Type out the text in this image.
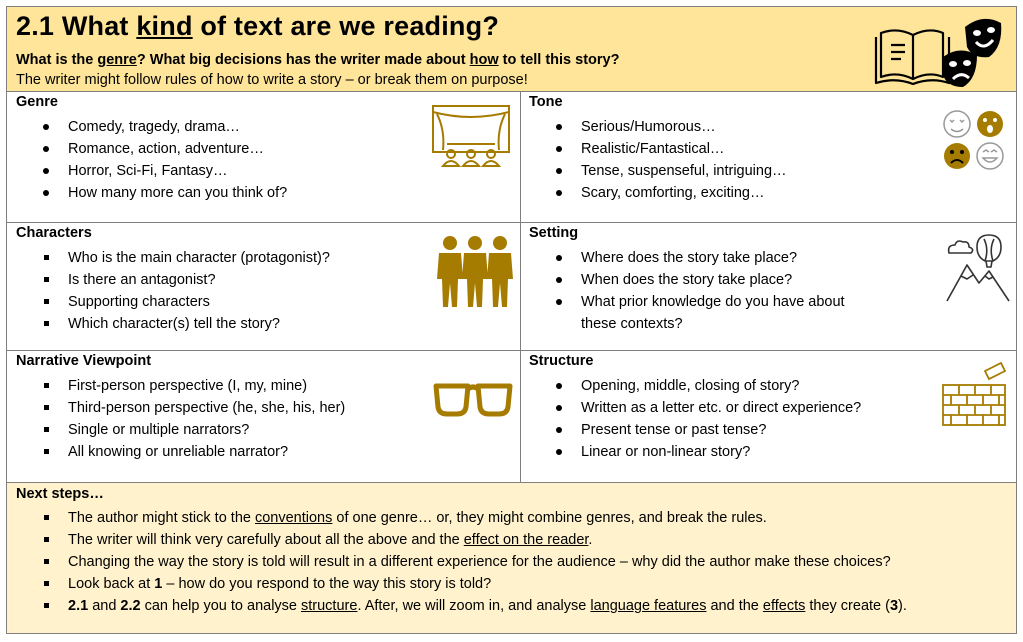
2.1 What kind of text are we reading?
What is the genre? What big decisions has the writer made about how to tell this story?
The writer might follow rules of how to write a story – or break them on purpose!
Genre
Comedy, tragedy, drama…
Romance, action, adventure…
Horror, Sci-Fi, Fantasy…
How many more can you think of?
Tone
Serious/Humorous…
Realistic/Fantastical…
Tense, suspenseful, intriguing…
Scary, comforting, exciting…
Characters
Who is the main character (protagonist)?
Is there an antagonist?
Supporting characters
Which character(s) tell the story?
Setting
Where does the story take place?
When does the story take place?
What prior knowledge do you have about these contexts?
Narrative Viewpoint
First-person perspective (I, my, mine)
Third-person perspective (he, she, his, her)
Single or multiple narrators?
All knowing or unreliable narrator?
Structure
Opening, middle, closing of story?
Written as a letter etc. or direct experience?
Present tense or past tense?
Linear or non-linear story?
Next steps…
The author might stick to the conventions of one genre… or, they might combine genres, and break the rules.
The writer will think very carefully about all the above and the effect on the reader.
Changing the way the story is told will result in a different experience for the audience – why did the author make these choices?
Look back at 1 – how do you respond to the way this story is told?
2.1 and 2.2 can help you to analyse structure. After, we will zoom in, and analyse language features and the effects they create (3).
